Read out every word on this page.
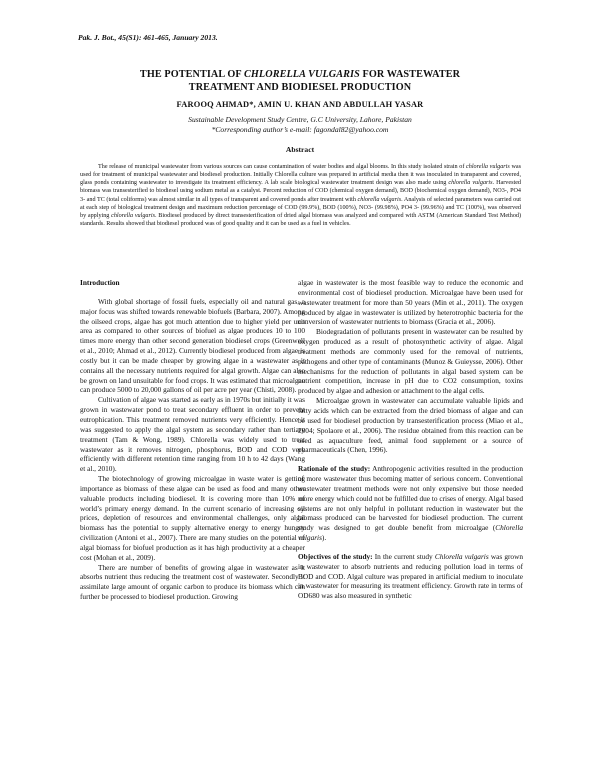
Pak. J. Bot., 45(S1): 461-465, January 2013.
THE POTENTIAL OF CHLORELLA VULGARIS FOR WASTEWATER
TREATMENT AND BIODIESEL PRODUCTION
FAROOQ AHMAD*, AMIN U. KHAN AND ABDULLAH YASAR
Sustainable Development Study Centre, G.C University, Lahore, Pakistan
*Corresponding author’s e-mail: fagondal82@yahoo.com
Abstract

The release of municipal wastewater from various sources can cause contamination of water bodies and algal blooms. In this study isolated strain of chlorella vulgaris was used for treatment of municipal wastewater and biodiesel production. Initially Chlorella culture was prepared in artificial media then it was inoculated in transparent and covered, glass ponds containing wastewater to investigate its treatment efficiency. A lab scale biological wastewater treatment design was also made using chlorella vulgaris. Harvested biomass was transesterified to biodiesel using sodium metal as a catalyst. Percent reduction of COD (chemical oxygen demand), BOD (biochemical oxygen demand), NO3-, PO4 3- and TC (total coliforms) was almost similar in all types of transparent and covered ponds after treatment with chlorella vulgaris. Analysis of selected parameters was carried out at each step of biological treatment design and maximum reduction percentage of COD (99.9%), BOD (100%), NO3- (99.98%), PO4 3- (99.96%) and TC (100%), was observed by applying chlorella vulgaris. Biodiesel produced by direct transesterification of dried algal biomass was analyzed and compared with ASTM (American Standard Test Method) standards. Results showed that biodiesel produced was of good quality and it can be used as a fuel in vehicles.

Introduction

With global shortage of fossil fuels, especially oil and natural gas, a major focus was shifted towards renewable biofuels (Barbara, 2007). Among the oilseed crops, algae has got much attention due to higher yield per unit area as compared to other sources of biofuel as algae produces 10 to 100 times more energy than other second generation biodiesel crops (Greenwell et al., 2010; Ahmad et al., 2012). Currently biodiesel produced from algae is costly but it can be made cheaper by growing algae in a wastewater as it contains all the necessary nutrients required for algal growth. Algae can also be grown on land unsuitable for food crops. It was estimated that microalgae can produce 5000 to 20,000 gallons of oil per acre per year (Chisti, 2008).

Cultivation of algae was started as early as in 1970s but initially it was grown in wastewater pond to treat secondary effluent in order to prevent eutrophication. This treatment removed nutrients very efficiently. Hence it was suggested to apply the algal system as secondary rather than tertiary treatment (Tam & Wong, 1989). Chlorella was widely used to treat wastewater as it removes nitrogen, phosphorus, BOD and COD very efficiently with different retention time ranging from 10 h to 42 days (Wang et al., 2010).

The biotechnology of growing microalgae in waste water is getting importance as biomass of these algae can be used as food and many other valuable products including biodiesel. It is covering more than 10% of world’s primary energy demand. In the current scenario of increasing oil prices, depletion of resources and environmental challenges, only algal biomass has the potential to supply alternative energy to energy hungry civilization (Antoni et al., 2007). There are many studies on the potential of algal biomass for biofuel production as it has high productivity at a cheaper cost (Mohan et al., 2009).

There are number of benefits of growing algae in wastewater as it absorbs nutrient thus reducing the treatment cost of wastewater. Secondly it assimilate large amount of organic carbon to produce its biomass which can further be processed to biodiesel production. Growing

algae in wastewater is the most feasible way to reduce the economic and environmental cost of biodiesel production. Microalgae have been used for wastewater treatment for more than 50 years (Min et al., 2011). The oxygen produced by algae in wastewater is utilized by heterotrophic bacteria for the conversion of wastewater nutrients to biomass (Gracia et al., 2006).

Biodegradation of pollutants present in wastewater can be resulted by oxygen produced as a result of photosynthetic activity of algae. Algal treatment methods are commonly used for the removal of nutrients, pathogens and other type of contaminants (Munoz & Guieysse, 2006). Other mechanisms for the reduction of pollutants in algal based system can be nutrient competition, increase in pH due to CO2 consumption, toxins produced by algae and adhesion or attachment to the algal cells.

Microalgae grown in wastewater can accumulate valuable lipids and fatty acids which can be extracted from the dried biomass of algae and can be used for biodiesel production by transesterification process (Miao et al., 2004; Spolaore et al., 2006). The residue obtained from this reaction can be used as aquaculture feed, animal food supplement or a source of pharmaceuticals (Chen, 1996).

Rationale of the study: Anthropogenic activities resulted in the production of more wastewater thus becoming matter of serious concern. Conventional wastewater treatment methods were not only expensive but those needed more energy which could not be fulfilled due to crises of energy. Algal based systems are not only helpful in pollutant reduction in wastewater but the biomass produced can be harvested for biodiesel production. The current study was designed to get double benefit from microalgae (Chlorella vulgaris).

Objectives of the study: In the current study Chlorella vulgaris was grown in wastewater to absorb nutrients and reducing pollution load in terms of BOD and COD. Algal culture was prepared in artificial medium to inoculate in wastewater for measuring its treatment efficiency. Growth rate in terms of OD680 was also measured in synthetic
